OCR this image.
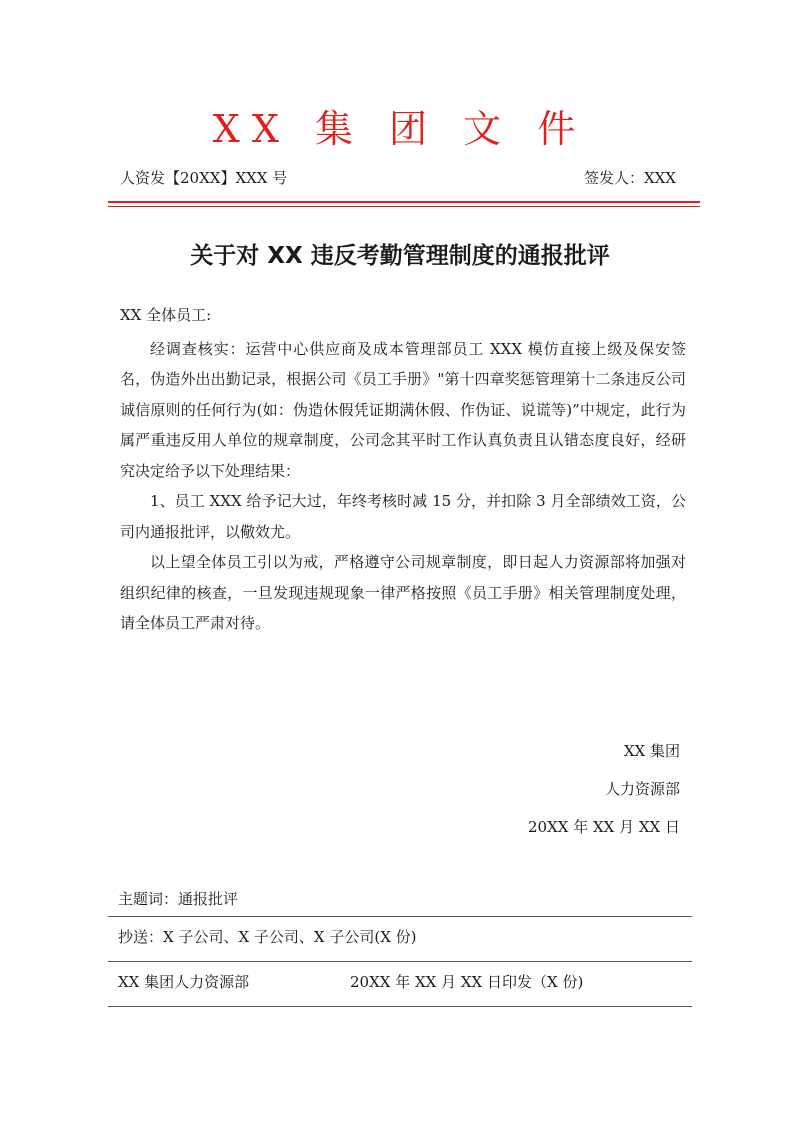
XX 集 团 文 件
人资发【20XX】XXX 号	签发人：XXX
关于对 XX 违反考勤管理制度的通报批评

XX 全体员工:

经调查核实：运营中心供应商及成本管理部员工 XXX 模仿直接上级及保安签名，伪造外出出勤记录，根据公司《员工手册》"第十四章奖惩管理第十二条违反公司诚信原则的任何行为(如：伪造休假凭证期满休假、作伪证、说谎等)”中规定，此行为属严重违反用人单位的规章制度，公司念其平时工作认真负责且认错态度良好，经研究决定给予以下处理结果：

1、员工 XXX 给予记大过，年终考核时减 15 分，并扣除 3 月全部绩效工资，公司内通报批评，以儆效尤。

以上望全体员工引以为戒，严格遵守公司规章制度，即日起人力资源部将加强对组织纪律的核查，一旦发现违规现象一律严格按照《员工手册》相关管理制度处理，请全体员工严肃对待。

XX 集团
人力资源部
20XX 年 XX 月 XX 日
主题词：通报批评
抄送：X 子公司、X 子公司、X 子公司(X 份)
XX 集团人力资源部	20XX 年 XX 月 XX 日印发（X 份)
